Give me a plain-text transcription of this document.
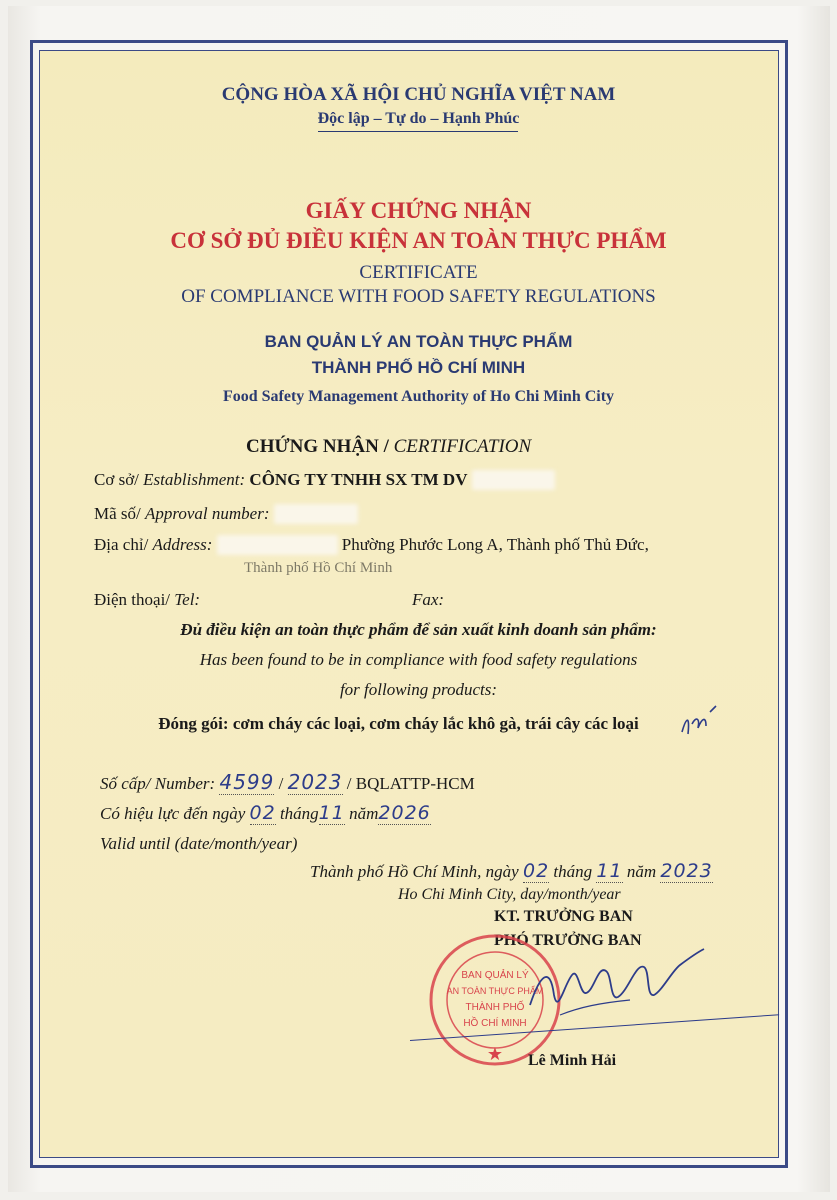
CỘNG HÒA XÃ HỘI CHỦ NGHĨA VIỆT NAM
Độc lập – Tự do – Hạnh Phúc
GIẤY CHỨNG NHẬN
CƠ SỞ ĐỦ ĐIỀU KIỆN AN TOÀN THỰC PHẨM
CERTIFICATE
OF COMPLIANCE WITH FOOD SAFETY REGULATIONS
BAN QUẢN LÝ AN TOÀN THỰC PHẨM
THÀNH PHỐ HỒ CHÍ MINH
Food Safety Management Authority of Ho Chi Minh City
CHỨNG NHẬN / CERTIFICATION
Cơ sở/ Establishment: CÔNG TY TNHH SX TM DV
Mã số/ Approval number:
Địa chỉ/ Address:	Phường Phước Long A, Thành phố Thủ Đức,
Thành phố Hồ Chí Minh
Điện thoại/ Tel:	Fax:
Đủ điều kiện an toàn thực phẩm để sản xuất kinh doanh sản phẩm:
Has been found to be in compliance with food safety regulations
for following products:
Đóng gói: cơm cháy các loại, cơm cháy lắc khô gà, trái cây các loại
Số cấp/ Number: 4599 / 2023 / BQLATTP-HCM
Có hiệu lực đến ngày 02 tháng11 năm2026
Valid until (date/month/year)
Thành phố Hồ Chí Minh, ngày 02 tháng 11 năm 2023
Ho Chi Minh City, day/month/year
KT. TRƯỞNG BAN
PHÓ TRƯỞNG BAN
BAN QUẢN LÝ
AN TOÀN THỰC PHẨM
THÀNH PHỐ
HỒ CHÍ MINH
★ Lê Minh Hải
